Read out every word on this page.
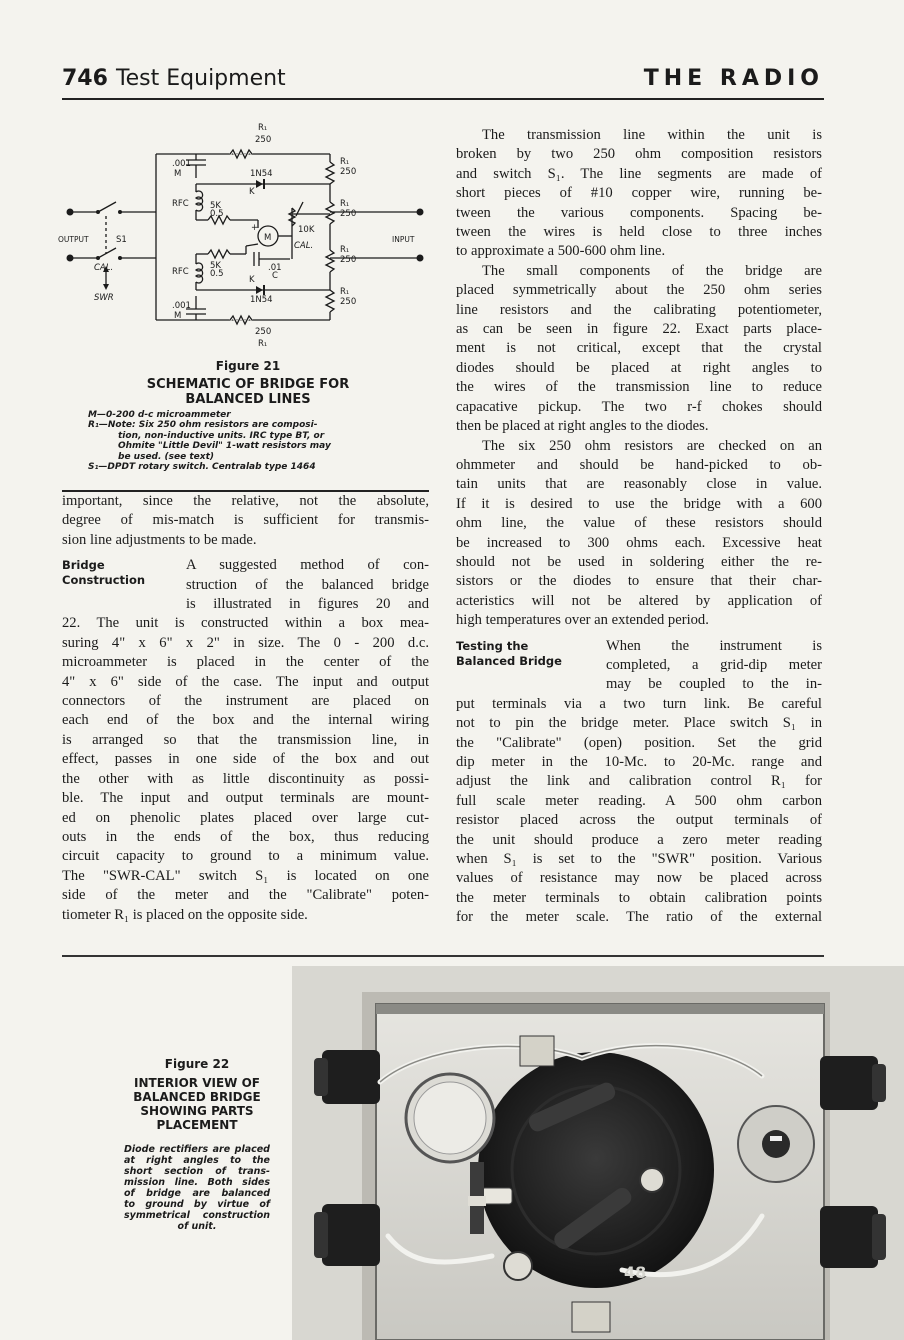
746 Test Equipment	THE RADIO
R₁
250
R₁
250
R₁
250
R₁
250
R₁
250
.001
M
.001
M
1N54
1N54
K
K
RFC
RFC
5K
0.5
5K
0.5
10K
M
+
CAL.
.01
C
OUTPUT	S1
CAL.
SWR
INPUT
250
R₁
Figure 21
SCHEMATIC OF BRIDGE FOR
BALANCED LINES
M—0-200 d-c microammeter
R₁—Note: Six 250 ohm resistors are composi-
tion, non-inductive units. IRC type BT, or
Ohmite "Little Devil" 1-watt resistors may
be used. (see text)
S₁—DPDT rotary switch. Centralab type 1464
important, since the relative, not the absolute,
degree of mis-match is sufficient for transmis-
sion line adjustments to be made.
Bridge
Construction
A suggested method of con-
struction of the balanced bridge
is illustrated in figures 20 and
22. The unit is constructed within a box mea-
suring 4" x 6" x 2" in size. The 0 - 200 d.c.
microammeter is placed in the center of the
4" x 6" side of the case. The input and output
connectors of the instrument are placed on
each end of the box and the internal wiring
is arranged so that the transmission line, in
effect, passes in one side of the box and out
the other with as little discontinuity as possi-
ble. The input and output terminals are mount-
ed on phenolic plates placed over large cut-
outs in the ends of the box, thus reducing
circuit capacity to ground to a minimum value.
The "SWR-CAL" switch S₁ is located on one
side of the meter and the "Calibrate" poten-
tiometer R₁ is placed on the opposite side.
The transmission line within the unit is
broken by two 250 ohm composition resistors
and switch S₁. The line segments are made of
short pieces of #10 copper wire, running be-
tween the various components. Spacing be-
tween the wires is held close to three inches
to approximate a 500-600 ohm line.
The small components of the bridge are
placed symmetrically about the 250 ohm series
line resistors and the calibrating potentiometer,
as can be seen in figure 22. Exact parts place-
ment is not critical, except that the crystal
diodes should be placed at right angles to
the wires of the transmission line to reduce
capacative pickup. The two r-f chokes should
then be placed at right angles to the diodes.
The six 250 ohm resistors are checked on an
ohmmeter and should be hand-picked to ob-
tain units that are reasonably close in value.
If it is desired to use the bridge with a 600
ohm line, the value of these resistors should
be increased to 300 ohms each. Excessive heat
should not be used in soldering either the re-
sistors or the diodes to ensure that their char-
acteristics will not be altered by application of
high temperatures over an extended period.
Testing the
Balanced Bridge
When the instrument is
completed, a grid-dip meter
may be coupled to the in-
put terminals via a two turn link. Be careful
not to pin the bridge meter. Place switch S₁ in
the "Calibrate" (open) position. Set the grid
dip meter in the 10-Mc. to 20-Mc. range and
adjust the link and calibration control R₁ for
full scale meter reading. A 500 ohm carbon
resistor placed across the output terminals of
the unit should produce a zero meter reading
when S₁ is set to the "SWR" position. Various
values of resistance may now be placed across
the meter terminals to obtain calibration points
for the meter scale. The ratio of the external
Figure 22
INTERIOR VIEW OF
BALANCED BRIDGE
SHOWING PARTS
PLACEMENT
Diode rectifiers are placed
at right angles to the
short section of trans-
mission line. Both sides
of bridge are balanced
to ground by virtue of
symmetrical construction
of unit.
48
